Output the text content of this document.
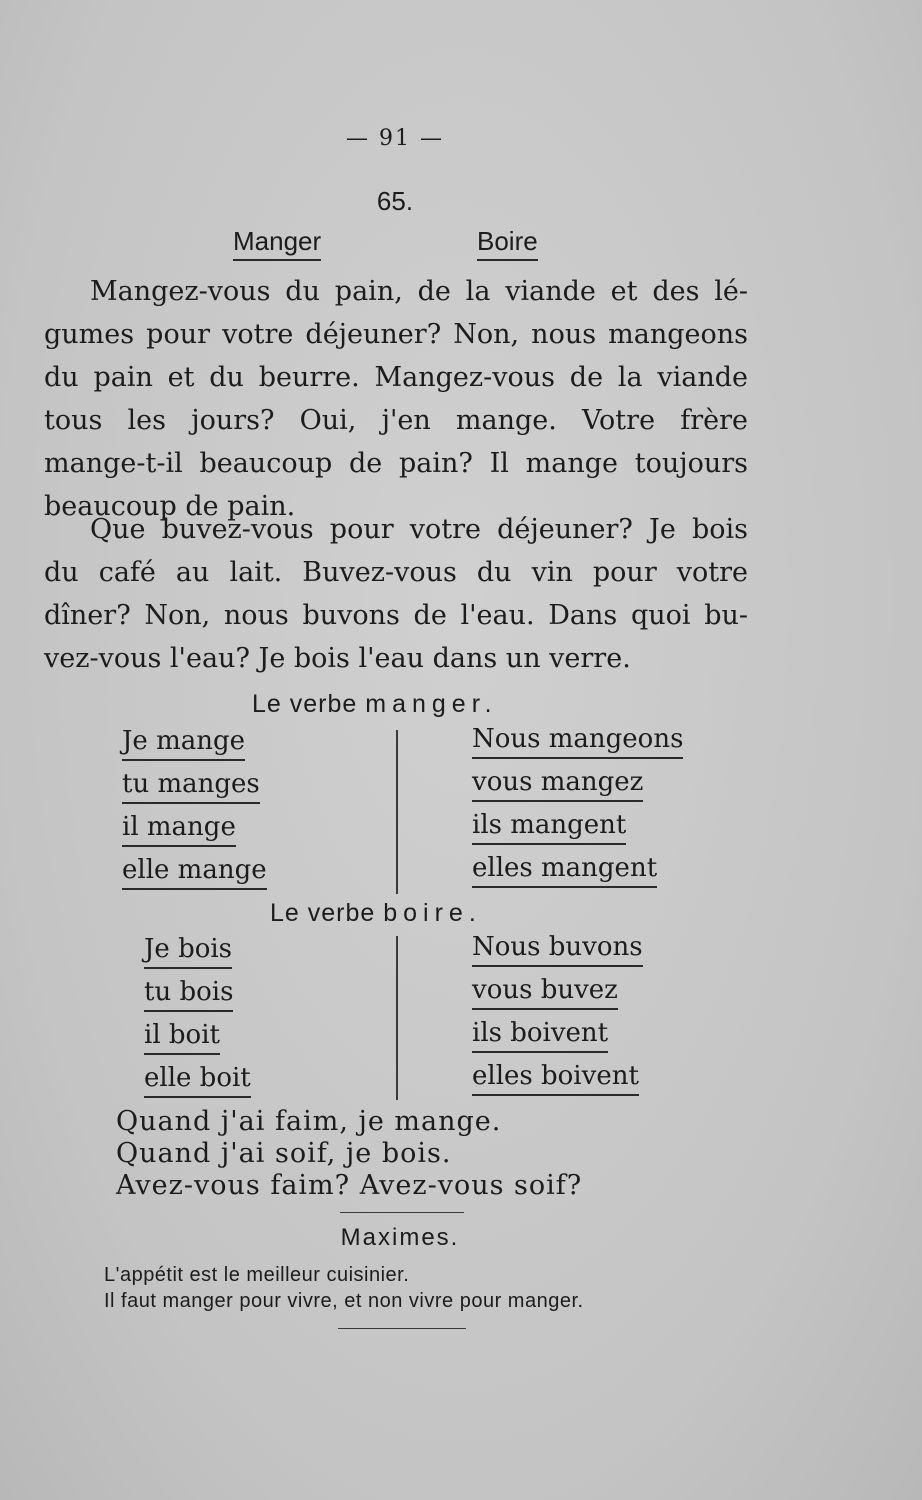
— 91 —
65.
Manger	Boire
Mangez-vous du pain, de la viande et des lé-
gumes pour votre déjeuner? Non, nous mangeons
du pain et du beurre. Mangez-vous de la viande
tous les jours? Oui, j'en mange. Votre frère
mange-t-il beaucoup de pain? Il mange toujours
beaucoup de pain.
Que buvez-vous pour votre déjeuner? Je bois
du café au lait. Buvez-vous du vin pour votre
dîner? Non, nous buvons de l'eau. Dans quoi bu-
vez-vous l'eau? Je bois l'eau dans un verre.
Le verbe manger.
Je mange
tu manges
il mange
elle mange
Nous mangeons
vous mangez
ils mangent
elles mangent
Le verbe boire.
Je bois
tu bois
il boit
elle boit
Nous buvons
vous buvez
ils boivent
elles boivent
Quand j'ai faim, je mange.
Quand j'ai soif, je bois.
Avez-vous faim? Avez-vous soif?
Maximes.
L'appétit est le meilleur cuisinier.
Il faut manger pour vivre, et non vivre pour manger.
